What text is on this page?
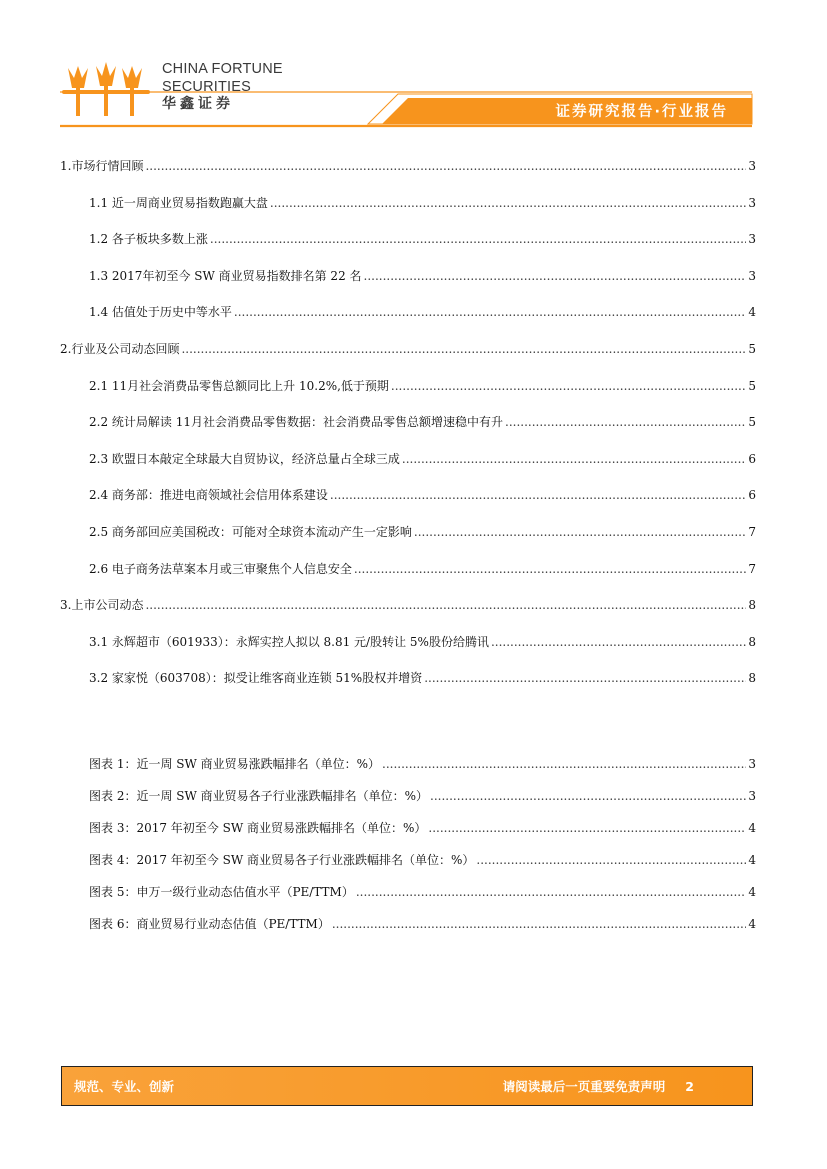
CHINA FORTUNE
SECURITIES
华鑫证券	证券研究报告·行业报告
1.市场行情回顾 .....	3
1.1 近一周商业贸易指数跑赢大盘 .....	3
1.2 各子板块多数上涨 .....	3
1.3 2017年初至今 SW 商业贸易指数排名第 22 名 .....	3
1.4 估值处于历史中等水平 .....	4
2.行业及公司动态回顾 .....	5
2.1 11月社会消费品零售总额同比上升 10.2%,低于预期 .....	5
2.2 统计局解读 11月社会消费品零售数据：社会消费品零售总额增速稳中有升 .....	5
2.3 欧盟日本敲定全球最大自贸协议，经济总量占全球三成 .....	6
2.4 商务部：推进电商领域社会信用体系建设 .....	6
2.5 商务部回应美国税改：可能对全球资本流动产生一定影响 .....	7
2.6 电子商务法草案本月或三审聚焦个人信息安全 .....	7
3.上市公司动态 .....	8
3.1 永辉超市（601933）：永辉实控人拟以 8.81 元/股转让 5%股份给腾讯 .....	8
3.2 家家悦（603708）：拟受让维客商业连锁 51%股权并增资 .....	8
图表 1：近一周 SW 商业贸易涨跌幅排名（单位：%） .....	3
图表 2：近一周 SW 商业贸易各子行业涨跌幅排名（单位：%） .....	3
图表 3：2017 年初至今 SW 商业贸易涨跌幅排名（单位：%） .....	4
图表 4：2017 年初至今 SW 商业贸易各子行业涨跌幅排名（单位：%） .....	4
图表 5：申万一级行业动态估值水平（PE/TTM） .....	4
图表 6：商业贸易行业动态估值（PE/TTM） .....	4
规范、专业、创新	请阅读最后一页重要免责声明 2
